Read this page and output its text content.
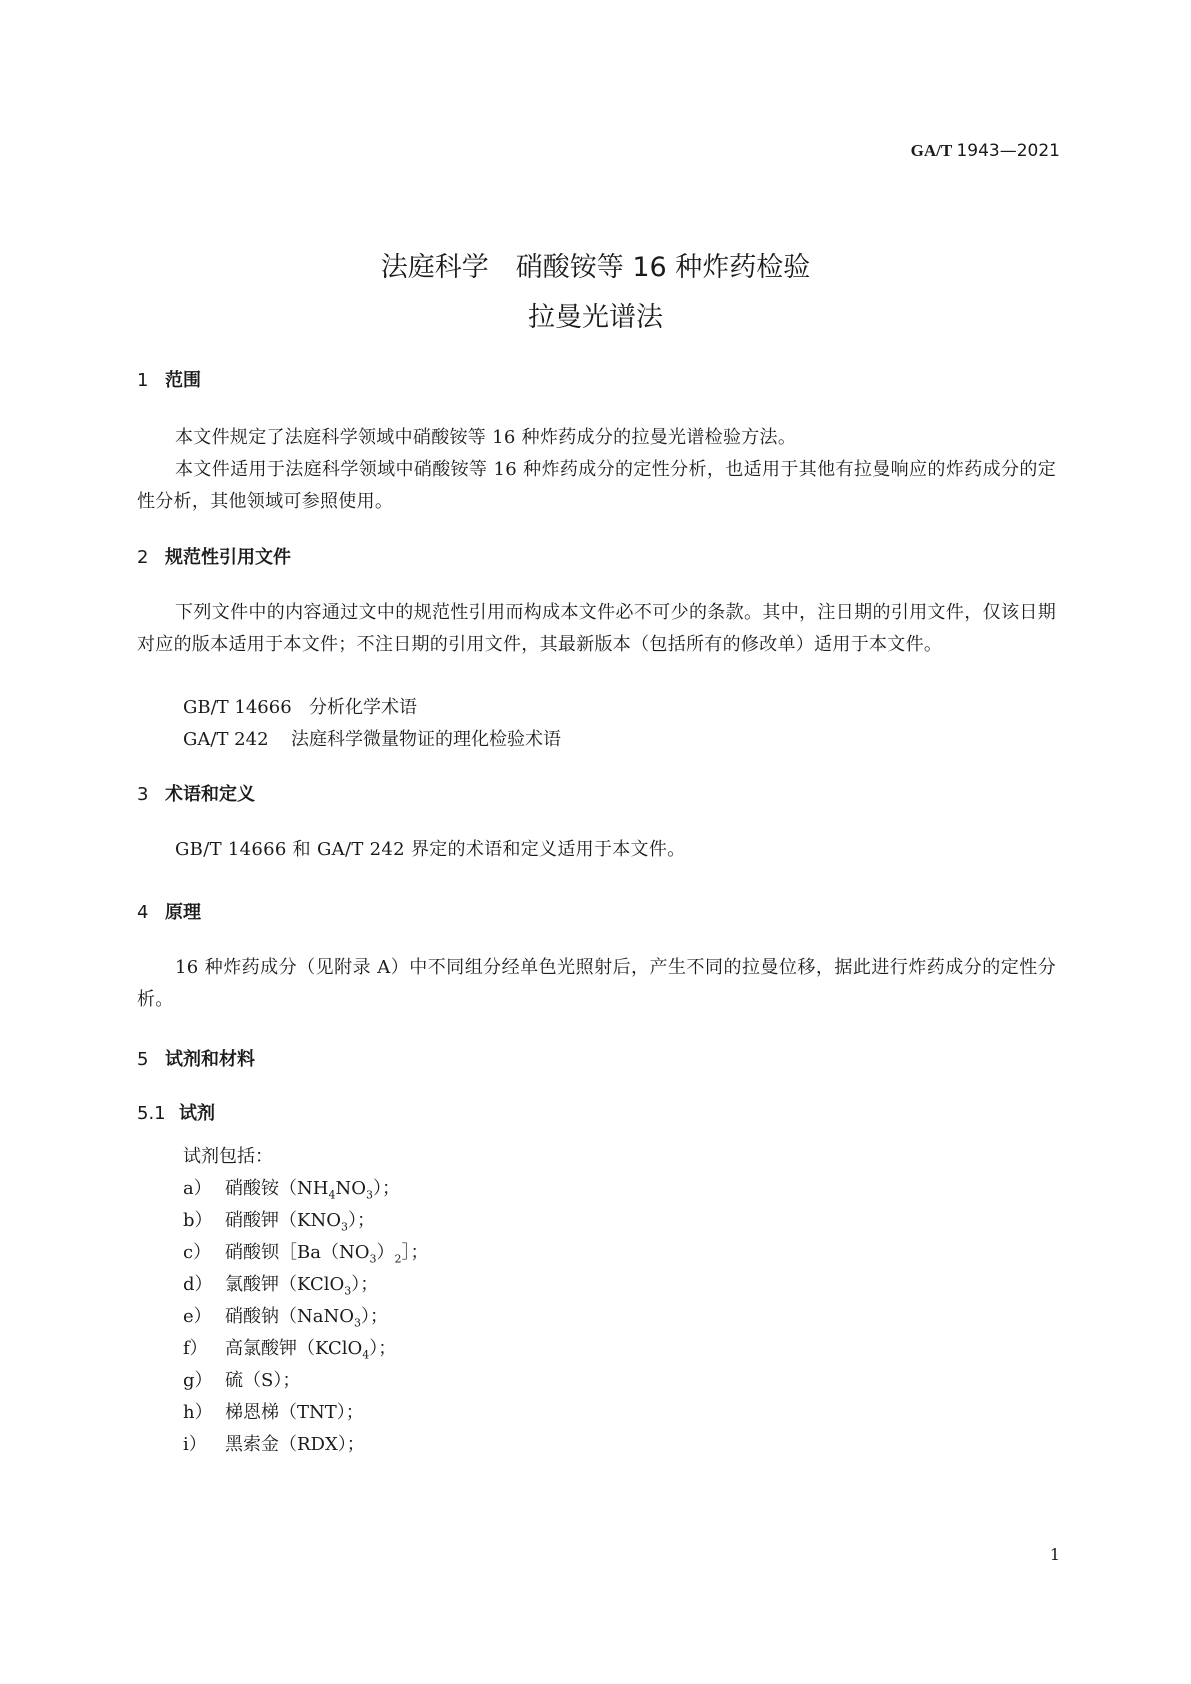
GA/T 1943—2021
法庭科学　硝酸铵等 16 种炸药检验
拉曼光谱法
1 范围
本文件规定了法庭科学领域中硝酸铵等 16 种炸药成分的拉曼光谱检验方法。
本文件适用于法庭科学领域中硝酸铵等 16 种炸药成分的定性分析，也适用于其他有拉曼响应的炸药成分的定性分析，其他领域可参照使用。
2 规范性引用文件
下列文件中的内容通过文中的规范性引用而构成本文件必不可少的条款。其中，注日期的引用文件，仅该日期对应的版本适用于本文件；不注日期的引用文件，其最新版本（包括所有的修改单）适用于本文件。
GB/T 14666 分析化学术语
GA/T 242 法庭科学微量物证的理化检验术语
3 术语和定义
GB/T 14666 和 GA/T 242 界定的术语和定义适用于本文件。
4 原理
16 种炸药成分（见附录 A）中不同组分经单色光照射后，产生不同的拉曼位移，据此进行炸药成分的定性分析。
5 试剂和材料
5.1 试剂
试剂包括：
a） 硝酸铵$(NH_4NO_3)$；
b） 硝酸钾$(KNO_3)$；
c） 硝酸钡$[Ba(NO_3)_2]$；
d） 氯酸钾（KClO$_3$）；
e） 硝酸钠（NaNO$_3$）；
f） 高氯酸钾（KClO$_4$）；
g） 硫（S）；
h） 梯恩梯（TNT）；
i） 黑索金（RDX）；
1
